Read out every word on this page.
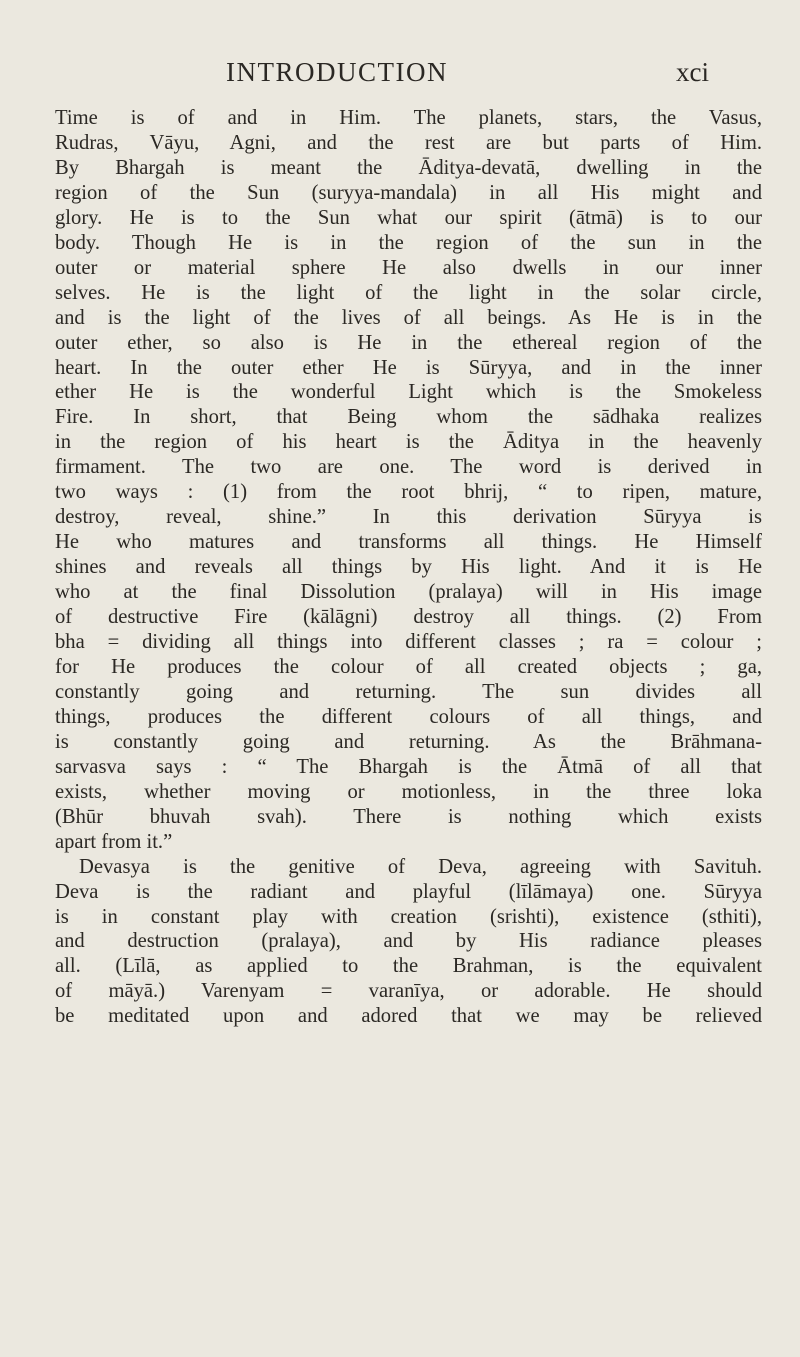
INTRODUCTION	xci

Time is of and in Him. The planets, stars, the Vasus,

Rudras, Vāyu, Agni, and the rest are but parts of Him.

By Bhargah is meant the Āditya-devatā, dwelling in the

region of the Sun (suryya-mandala) in all His might and

glory. He is to the Sun what our spirit (ātmā) is to our

body. Though He is in the region of the sun in the

outer or material sphere He also dwells in our inner

selves. He is the light of the light in the solar circle,

and is the light of the lives of all beings. As He is in the

outer ether, so also is He in the ethereal region of the

heart. In the outer ether He is Sūryya, and in the inner

ether He is the wonderful Light which is the Smokeless

Fire. In short, that Being whom the sādhaka realizes

in the region of his heart is the Āditya in the heavenly

firmament. The two are one. The word is derived in

two ways : (1) from the root bhrij, “ to ripen, mature,

destroy, reveal, shine.” In this derivation Sūryya is

He who matures and transforms all things. He Himself

shines and reveals all things by His light. And it is He

who at the final Dissolution (pralaya) will in His image

of destructive Fire (kālāgni) destroy all things. (2) From

bha = dividing all things into different classes ; ra = colour ;

for He produces the colour of all created objects ; ga,

constantly going and returning. The sun divides all

things, produces the different colours of all things, and

is constantly going and returning. As the Brāhmana-

sarvasva says : “ The Bhargah is the Ātmā of all that

exists, whether moving or motionless, in the three loka

(Bhūr bhuvah svah). There is nothing which exists

apart from it.”

Devasya is the genitive of Deva, agreeing with Savituh.

Deva is the radiant and playful (līlāmaya) one. Sūryya

is in constant play with creation (srishti), existence (sthiti),

and destruction (pralaya), and by His radiance pleases

all. (Līlā, as applied to the Brahman, is the equivalent

of māyā.) Varenyam = varanīya, or adorable. He should

be meditated upon and adored that we may be relieved
